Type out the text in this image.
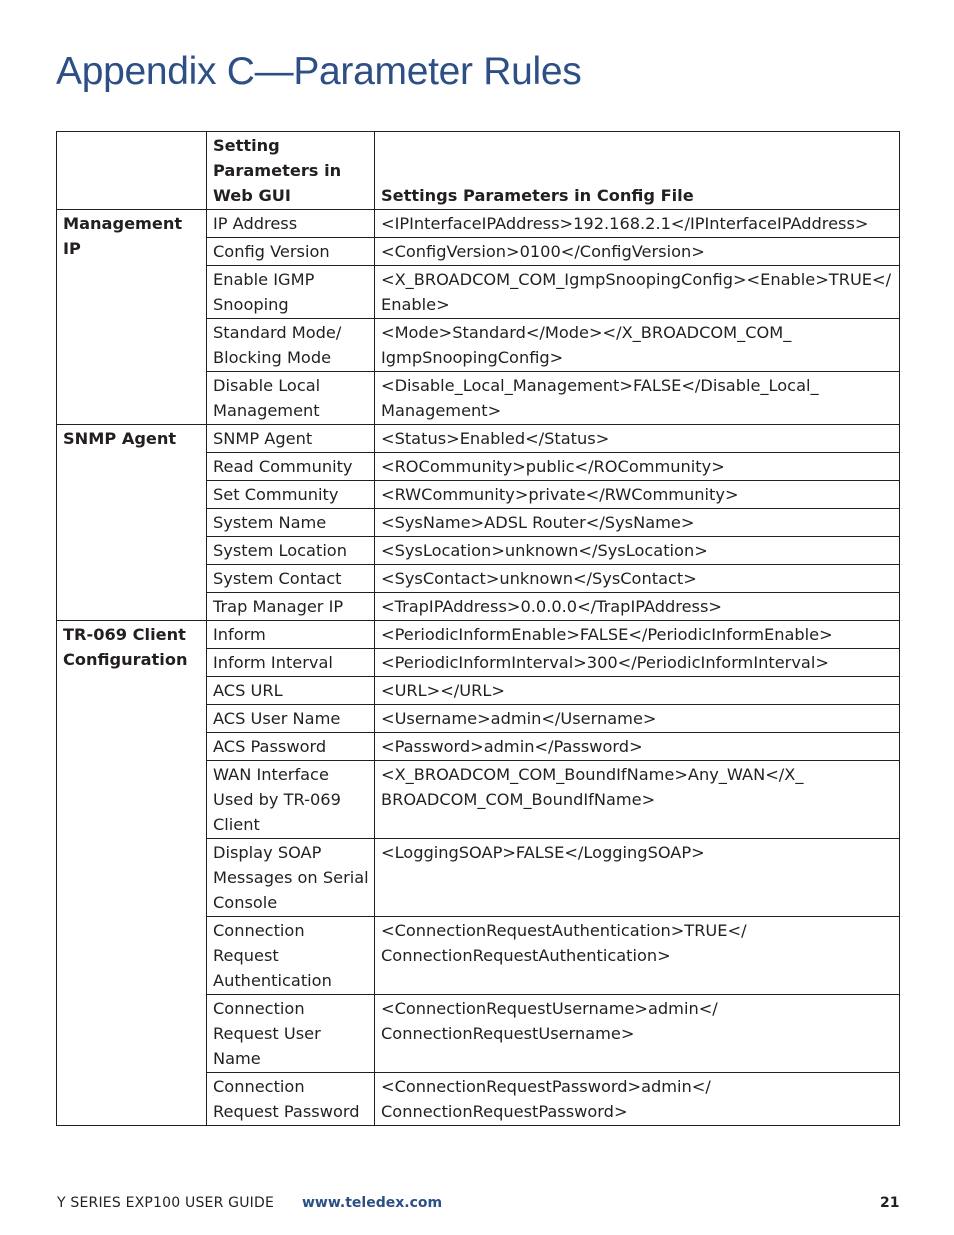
Appendix C—Parameter Rules
	Setting Parameters in Web GUI	Settings Parameters in Config File
Management IP	IP Address	<IPInterfaceIPAddress>192.168.2.1</IPInterfaceIPAddress>
	Config Version	<ConfigVersion>0100</ConfigVersion>
	Enable IGMP Snooping	<X_BROADCOM_COM_IgmpSnoopingConfig><Enable>TRUE</ Enable>
	Standard Mode/ Blocking Mode	<Mode>Standard</Mode></X_BROADCOM_COM_ IgmpSnoopingConfig>
	Disable Local Management	<Disable_Local_Management>FALSE</Disable_Local_ Management>
SNMP Agent	SNMP Agent	<Status>Enabled</Status>
	Read Community	<ROCommunity>public</ROCommunity>
	Set Community	<RWCommunity>private</RWCommunity>
	System Name	<SysName>ADSL Router</SysName>
	System Location	<SysLocation>unknown</SysLocation>
	System Contact	<SysContact>unknown</SysContact>
	Trap Manager IP	<TrapIPAddress>0.0.0.0</TrapIPAddress>
TR-069 Client Configuration	Inform	<PeriodicInformEnable>FALSE</PeriodicInformEnable>
	Inform Interval	<PeriodicInformInterval>300</PeriodicInformInterval>
	ACS URL	<URL></URL>
	ACS User Name	<Username>admin</Username>
	ACS Password	<Password>admin</Password>
	WAN Interface Used by TR-069 Client	<X_BROADCOM_COM_BoundIfName>Any_WAN</X_ BROADCOM_COM_BoundIfName>
	Display SOAP Messages on Serial Console	<LoggingSOAP>FALSE</LoggingSOAP>
	Connection Request Authentication	<ConnectionRequestAuthentication>TRUE</ ConnectionRequestAuthentication>
	Connection Request User Name	<ConnectionRequestUsername>admin</ ConnectionRequestUsername>
	Connection Request Password	<ConnectionRequestPassword>admin</ ConnectionRequestPassword>
Y SERIES EXP100 USER GUIDE www.teledex.com	21
